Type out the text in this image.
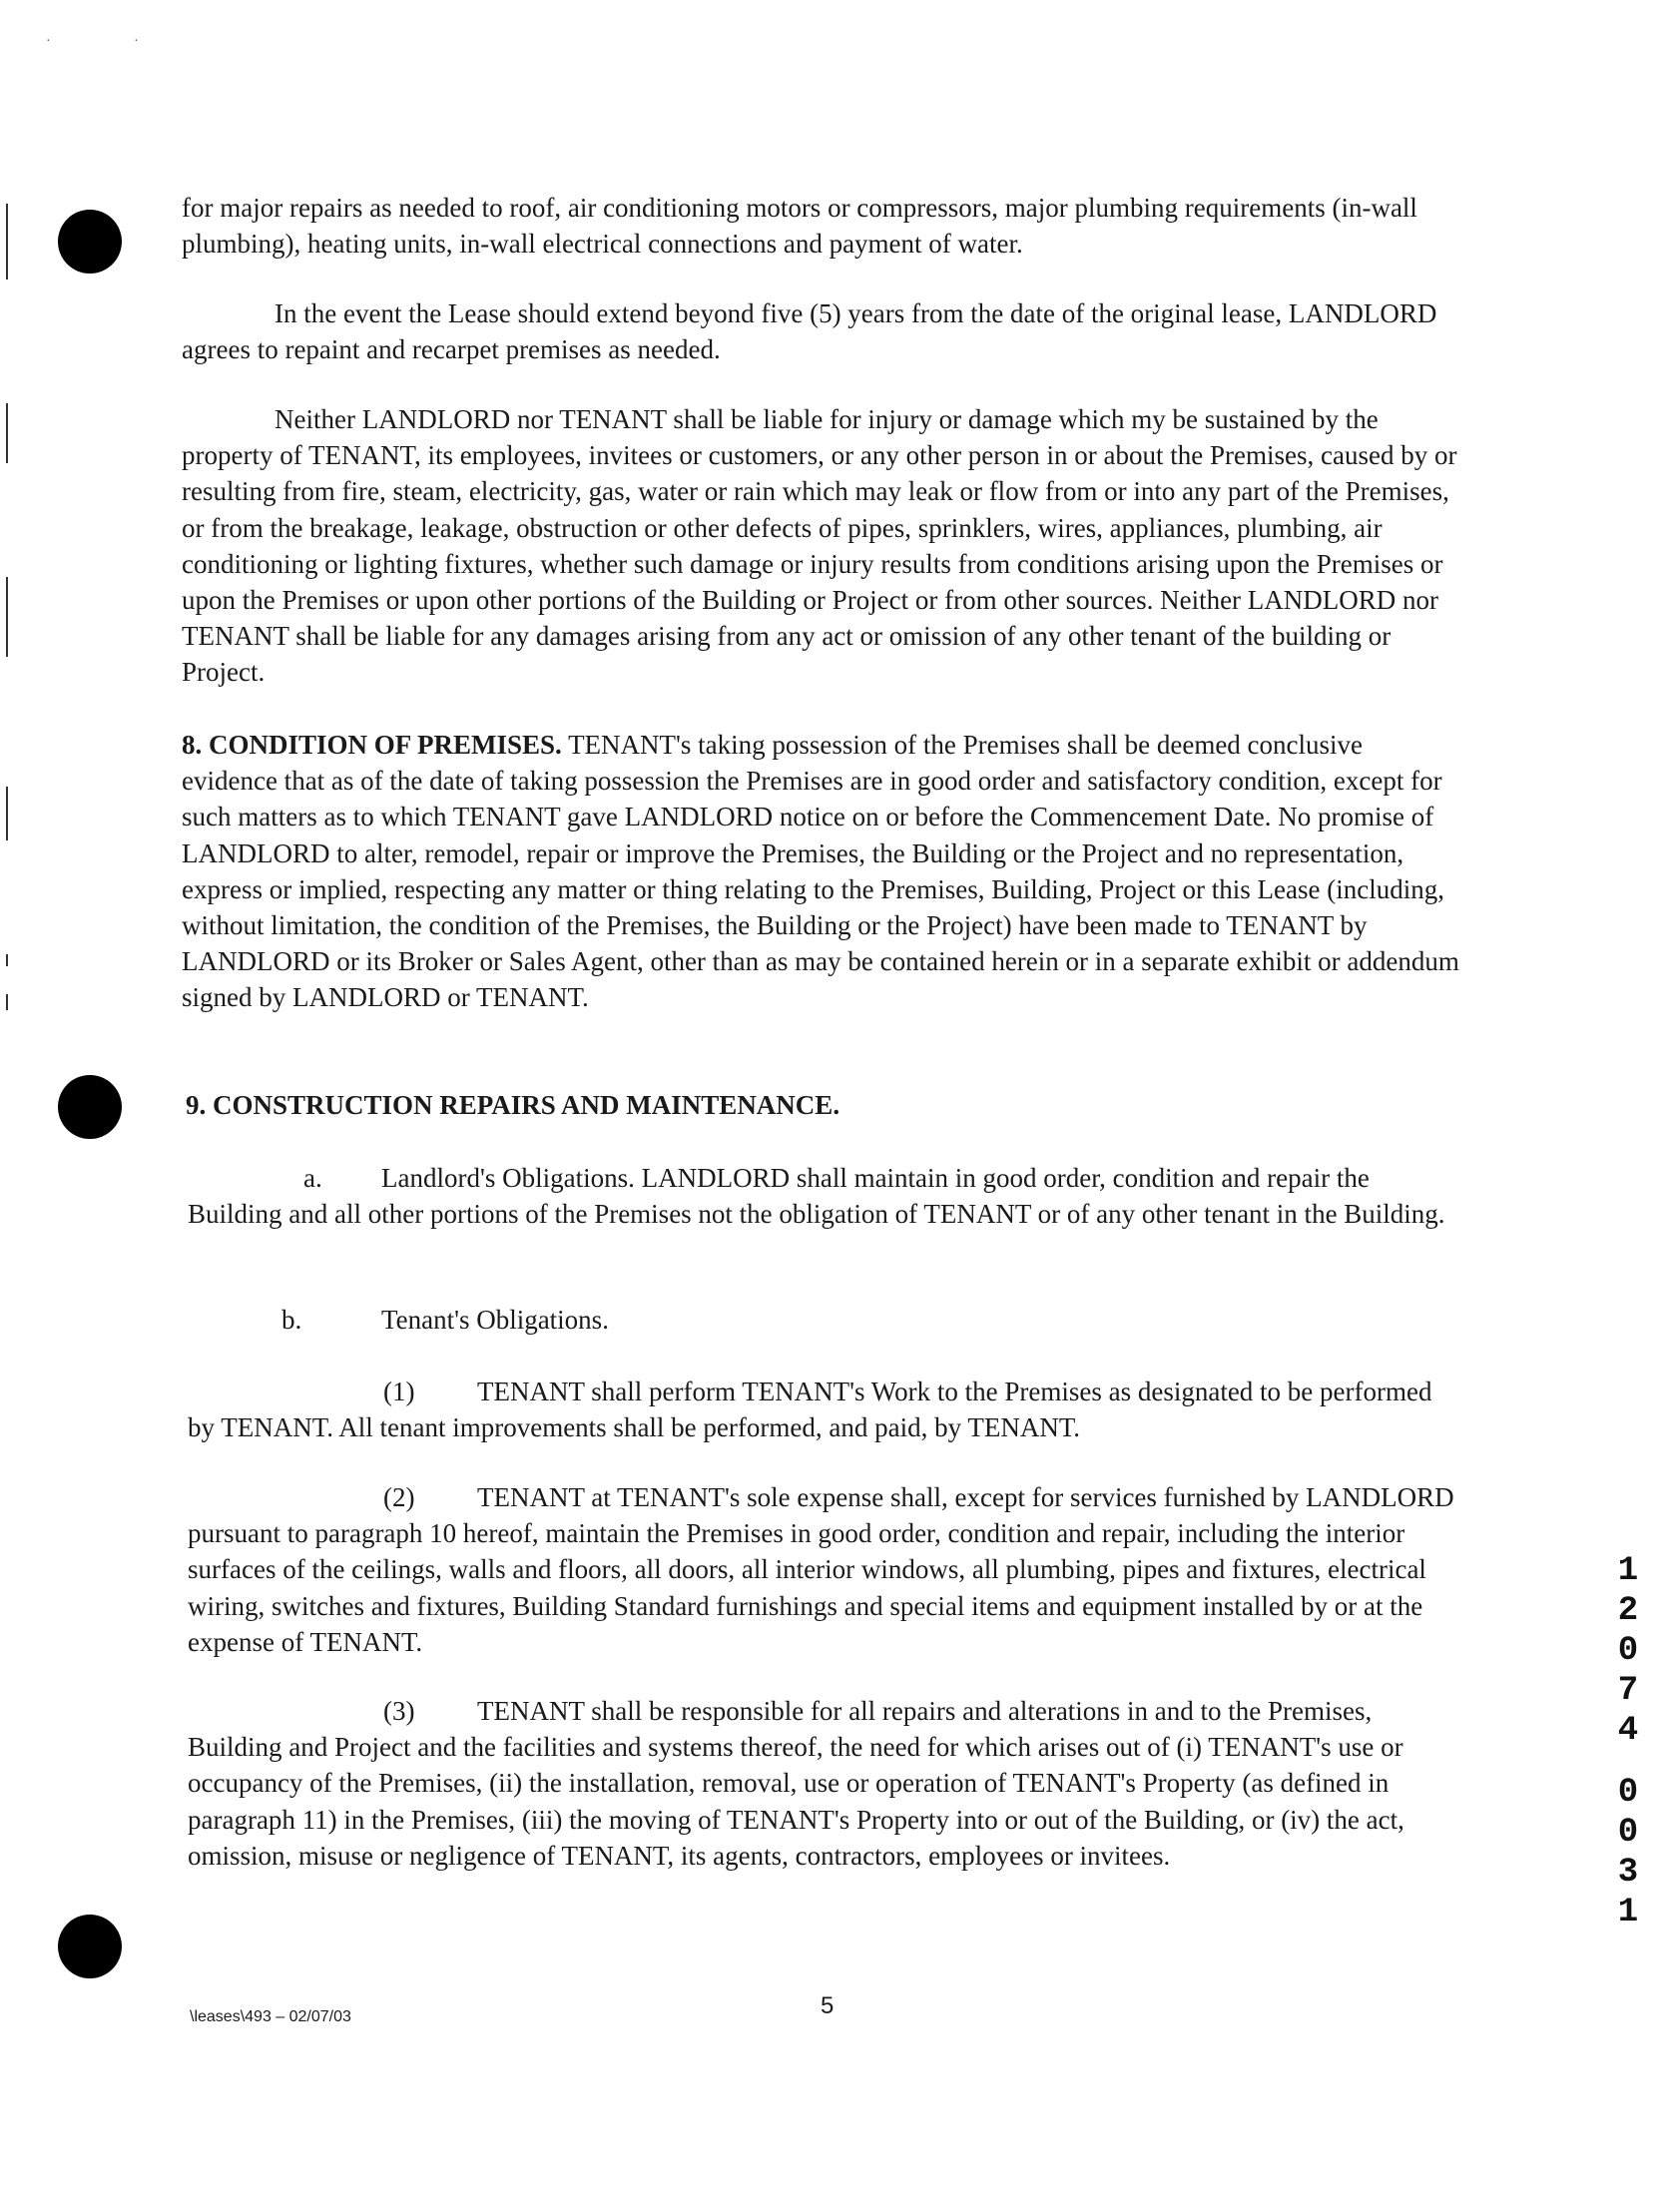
· ·

for major repairs as needed to roof, air conditioning motors or compressors, major plumbing requirements (in-wall plumbing), heating units, in-wall electrical connections and payment of water.

In the event the Lease should extend beyond five (5) years from the date of the original lease, LANDLORD agrees to repaint and recarpet premises as needed.

Neither LANDLORD nor TENANT shall be liable for injury or damage which my be sustained by the property of TENANT, its employees, invitees or customers, or any other person in or about the Premises, caused by or resulting from fire, steam, electricity, gas, water or rain which may leak or flow from or into any part of the Premises, or from the breakage, leakage, obstruction or other defects of pipes, sprinklers, wires, appliances, plumbing, air conditioning or lighting fixtures, whether such damage or injury results from conditions arising upon the Premises or upon the Premises or upon other portions of the Building or Project or from other sources. Neither LANDLORD nor TENANT shall be liable for any damages arising from any act or omission of any other tenant of the building or Project.

8. CONDITION OF PREMISES. TENANT's taking possession of the Premises shall be deemed conclusive evidence that as of the date of taking possession the Premises are in good order and satisfactory condition, except for such matters as to which TENANT gave LANDLORD notice on or before the Commencement Date. No promise of LANDLORD to alter, remodel, repair or improve the Premises, the Building or the Project and no representation, express or implied, respecting any matter or thing relating to the Premises, Building, Project or this Lease (including, without limitation, the condition of the Premises, the Building or the Project) have been made to TENANT by LANDLORD or its Broker or Sales Agent, other than as may be contained herein or in a separate exhibit or addendum signed by LANDLORD or TENANT.

9. CONSTRUCTION REPAIRS AND MAINTENANCE.

a. Landlord's Obligations. LANDLORD shall maintain in good order, condition and repair the Building and all other portions of the Premises not the obligation of TENANT or of any other tenant in the Building.

b.	Tenant's Obligations.

(1) TENANT shall perform TENANT's Work to the Premises as designated to be performed by TENANT. All tenant improvements shall be performed, and paid, by TENANT.

(2) TENANT at TENANT's sole expense shall, except for services furnished by LANDLORD pursuant to paragraph 10 hereof, maintain the Premises in good order, condition and repair, including the interior surfaces of the ceilings, walls and floors, all doors, all interior windows, all plumbing, pipes and fixtures, electrical wiring, switches and fixtures, Building Standard furnishings and special items and equipment installed by or at the expense of TENANT.

(3) TENANT shall be responsible for all repairs and alterations in and to the Premises, Building and Project and the facilities and systems thereof, the need for which arises out of (i) TENANT's use or occupancy of the Premises, (ii) the installation, removal, use or operation of TENANT's Property (as defined in paragraph 11) in the Premises, (iii) the moving of TENANT's Property into or out of the Building, or (iv) the act, omission, misuse or negligence of TENANT, its agents, contractors, employees or invitees.

\leases\493 – 02/07/03	5
1
2
0
7
4
0
0
3
1
